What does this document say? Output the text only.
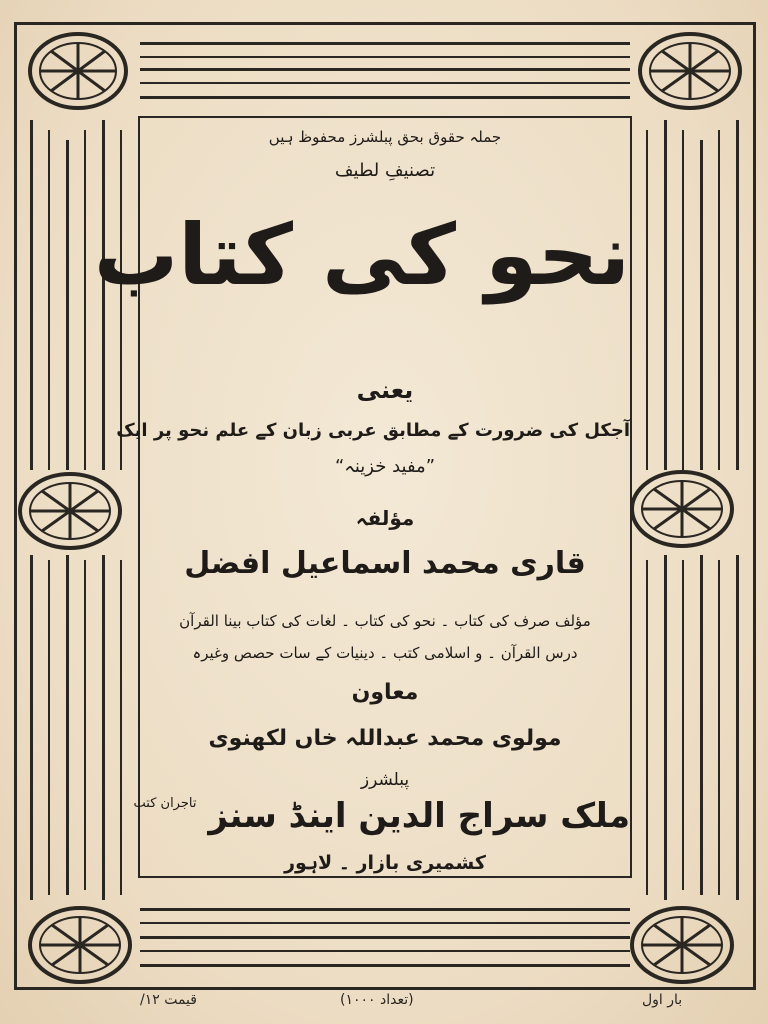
جملہ حقوق بحق پبلشرز محفوظ ہیں
تصنیفِ لطیف
نحو کی کتاب
یعنی
آجکل کی ضرورت کے مطابق عربی زبان کے علم نحو پر ایک
”مفید خزینہ“
مؤلفہ
قاری محمد اسماعیل افضل
مؤلف صرف کی کتاب ۔ نحو کی کتاب ۔ لغات کی کتاب بینا القرآن
درس القرآن ۔ و اسلامی کتب ۔ دینیات کے سات حصص وغیرہ
معاون
مولوی محمد عبداللہ خاں لکھنوی
پبلشرز
ملک سراج الدین اینڈ سنز $^{تاجران کتب}$
کشمیری بازار ۔ لاہور
بار اول
(تعداد ۱۰۰۰)
قیمت ۱۲/
